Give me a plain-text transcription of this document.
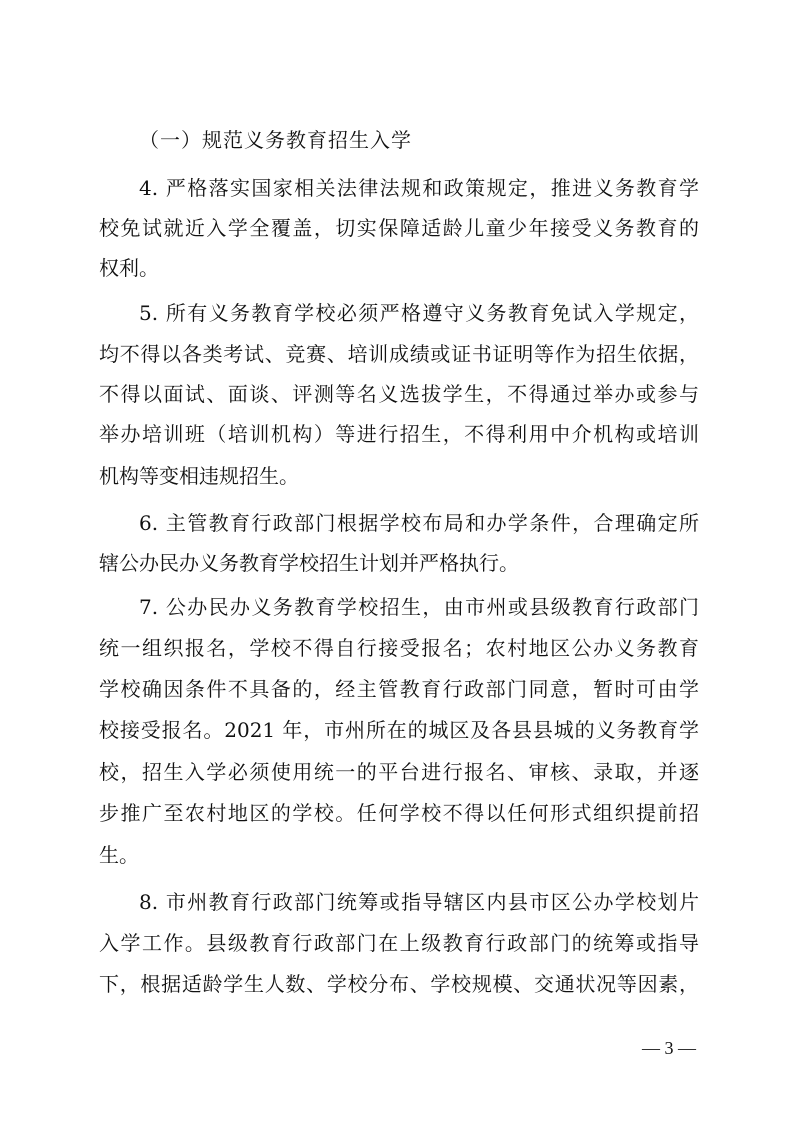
（一）规范义务教育招生入学
4. 严格落实国家相关法律法规和政策规定，推进义务教育学
校免试就近入学全覆盖，切实保障适龄儿童少年接受义务教育的
权利。
5. 所有义务教育学校必须严格遵守义务教育免试入学规定，
均不得以各类考试、竞赛、培训成绩或证书证明等作为招生依据，
不得以面试、面谈、评测等名义选拔学生，不得通过举办或参与
举办培训班（培训机构）等进行招生，不得利用中介机构或培训
机构等变相违规招生。
6. 主管教育行政部门根据学校布局和办学条件，合理确定所
辖公办民办义务教育学校招生计划并严格执行。
7. 公办民办义务教育学校招生，由市州或县级教育行政部门
统一组织报名，学校不得自行接受报名；农村地区公办义务教育
学校确因条件不具备的，经主管教育行政部门同意，暂时可由学
校接受报名。2021 年，市州所在的城区及各县县城的义务教育学
校，招生入学必须使用统一的平台进行报名、审核、录取，并逐
步推广至农村地区的学校。任何学校不得以任何形式组织提前招
生。
8. 市州教育行政部门统筹或指导辖区内县市区公办学校划片
入学工作。县级教育行政部门在上级教育行政部门的统筹或指导
下，根据适龄学生人数、学校分布、学校规模、交通状况等因素，
— 3 —
